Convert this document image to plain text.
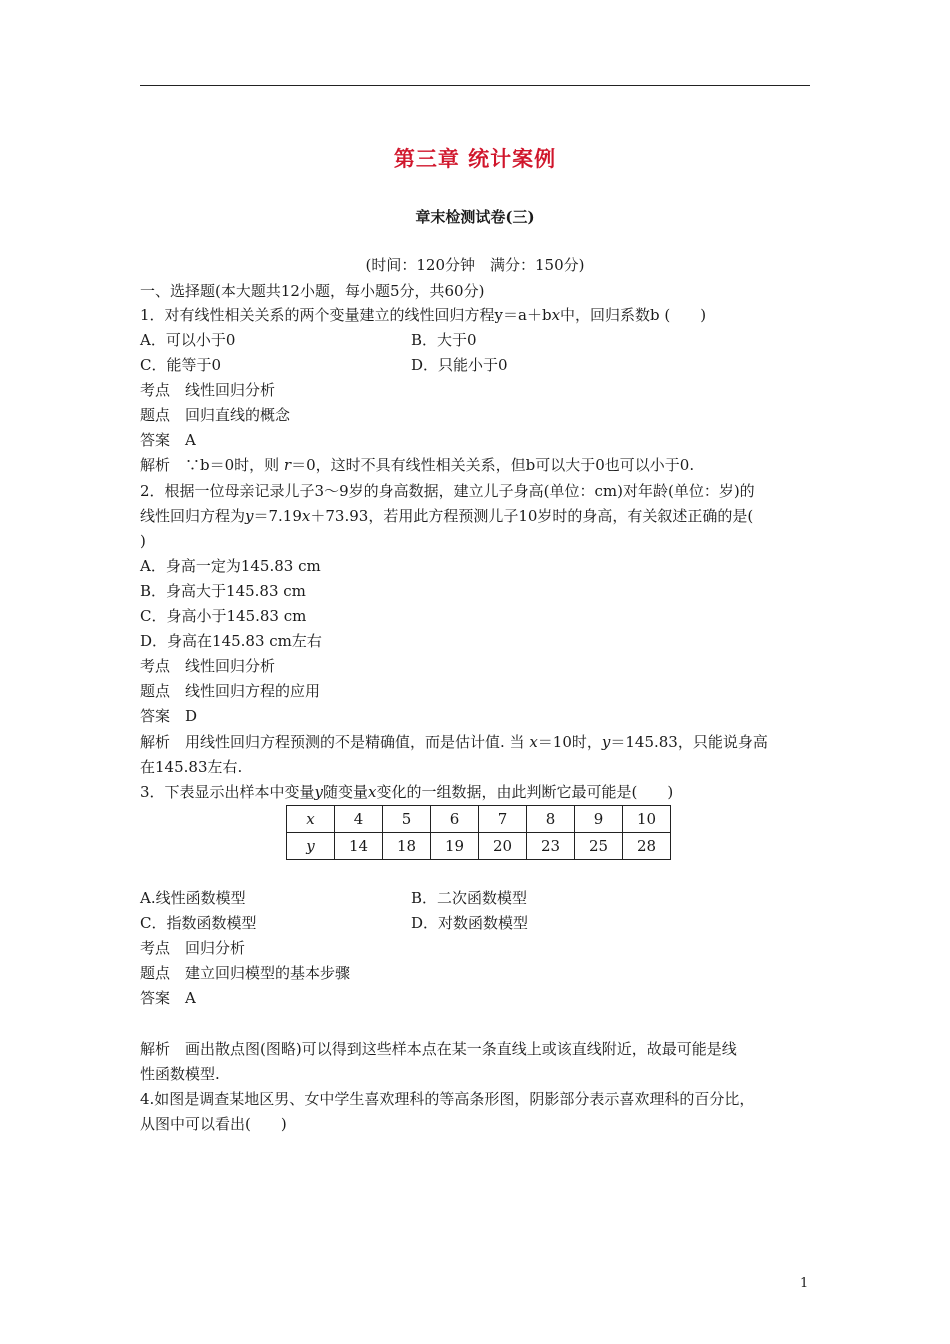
第三章 统计案例
章末检测试卷(三)
(时间：120分钟　满分：150分)
一、选择题(本大题共12小题，每小题5分，共60分)
1．对有线性相关关系的两个变量建立的线性回归方程y＝a＋bx中，回归系数b (　　)
A．可以小于0	B．大于0
C．能等于0	D．只能小于0
考点　线性回归分析
题点　回归直线的概念
答案　A
解析　∵b＝0时，则 r＝0，这时不具有线性相关关系，但b可以大于0也可以小于0.
2．根据一位母亲记录儿子3～9岁的身高数据，建立儿子身高(单位：cm)对年龄(单位：岁)的
线性回归方程为y＝7.19x＋73.93，若用此方程预测儿子10岁时的身高，有关叙述正确的是(
)
A．身高一定为145.83 cm
B．身高大于145.83 cm
C．身高小于145.83 cm
D．身高在145.83 cm左右
考点　线性回归分析
题点　线性回归方程的应用
答案　D
解析　用线性回归方程预测的不是精确值，而是估计值. 当 x＝10时，y＝145.83，只能说身高
在145.83左右.
3．下表显示出样本中变量y随变量x变化的一组数据，由此判断它最可能是(　　)
x	4	5	6	7	8	9	10
y	14	18	19	20	23	25	28
A.线性函数模型	B．二次函数模型
C．指数函数模型	D．对数函数模型
考点　回归分析
题点　建立回归模型的基本步骤
答案　A
解析　画出散点图(图略)可以得到这些样本点在某一条直线上或该直线附近，故最可能是线
性函数模型.
4.如图是调查某地区男、女中学生喜欢理科的等高条形图，阴影部分表示喜欢理科的百分比，
从图中可以看出(　　)
1
